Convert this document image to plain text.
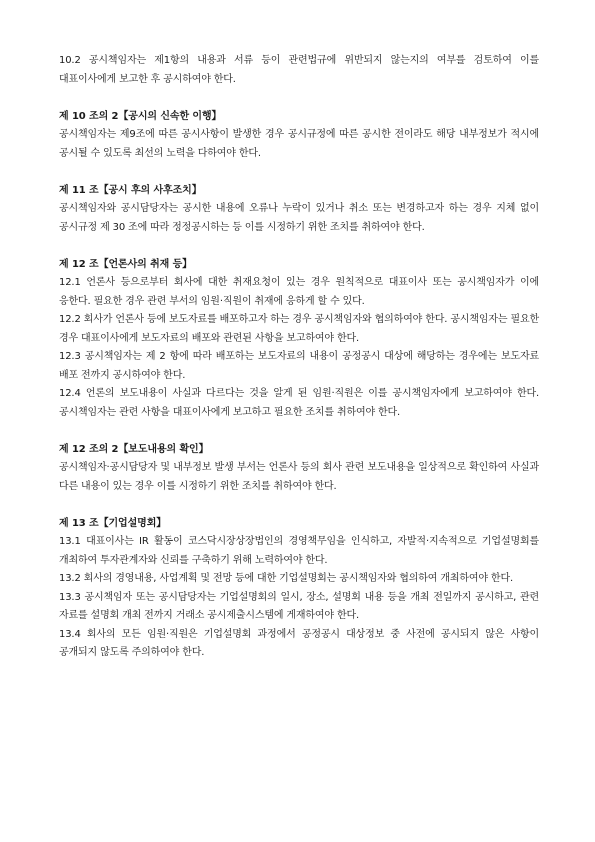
10.2 공시책임자는 제1항의 내용과 서류 등이 관련법규에 위반되지 않는지의 여부를 검토하여 이를 대표이사에게 보고한 후 공시하여야 한다.

제 10 조의 2【공시의 신속한 이행】

공시책임자는 제9조에 따른 공시사항이 발생한 경우 공시규정에 따른 공시한 전이라도 해당 내부정보가 적시에 공시될 수 있도록 최선의 노력을 다하여야 한다.

제 11 조【공시 후의 사후조치】

공시책임자와 공시담당자는 공시한 내용에 오류나 누락이 있거나 취소 또는 변경하고자 하는 경우 지체 없이 공시규정 제 30 조에 따라 정정공시하는 등 이를 시정하기 위한 조치를 취하여야 한다.

제 12 조【언론사의 취재 등】

12.1 언론사 등으로부터 회사에 대한 취재요청이 있는 경우 원칙적으로 대표이사 또는 공시책임자가 이에 응한다. 필요한 경우 관련 부서의 임원·직원이 취재에 응하게 할 수 있다.

12.2 회사가 언론사 등에 보도자료를 배포하고자 하는 경우 공시책임자와 협의하여야 한다. 공시책임자는 필요한 경우 대표이사에게 보도자료의 배포와 관련된 사항을 보고하여야 한다.

12.3 공시책임자는 제 2 항에 따라 배포하는 보도자료의 내용이 공정공시 대상에 해당하는 경우에는 보도자료 배포 전까지 공시하여야 한다.

12.4 언론의 보도내용이 사실과 다르다는 것을 알게 된 임원·직원은 이를 공시책임자에게 보고하여야 한다. 공시책임자는 관련 사항을 대표이사에게 보고하고 필요한 조치를 취하여야 한다.

제 12 조의 2【보도내용의 확인】

공시책임자·공시담당자 및 내부정보 발생 부서는 언론사 등의 회사 관련 보도내용을 일상적으로 확인하여 사실과 다른 내용이 있는 경우 이를 시정하기 위한 조치를 취하여야 한다.

제 13 조【기업설명회】

13.1 대표이사는 IR 활동이 코스닥시장상장법인의 경영책무임을 인식하고, 자발적·지속적으로 기업설명회를 개최하여 투자관계자와 신뢰를 구축하기 위해 노력하여야 한다.

13.2 회사의 경영내용, 사업계획 및 전망 등에 대한 기업설명회는 공시책임자와 협의하여 개최하여야 한다.

13.3 공시책임자 또는 공시담당자는 기업설명회의 일시, 장소, 설명회 내용 등을 개최 전일까지 공시하고, 관련 자료를 설명회 개최 전까지 거래소 공시제출시스템에 게재하여야 한다.

13.4 회사의 모든 임원·직원은 기업설명회 과정에서 공정공시 대상정보 중 사전에 공시되지 않은 사항이 공개되지 않도록 주의하여야 한다.
